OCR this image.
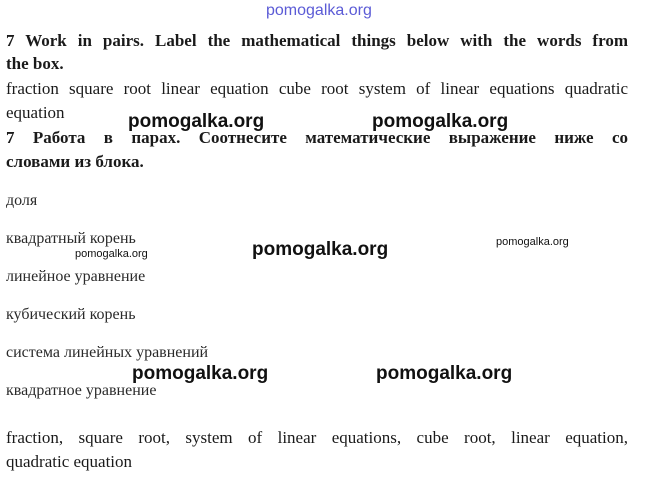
pomogalka.org
7 Work in pairs. Label the mathematical things below with the words from
the box.
fraction square root linear equation cube root system of linear equations quadratic
equation
7 Работа в парах. Соотнесите математические выражение ниже со
словами из блока.
доля
квадратный корень
линейное уравнение
кубический корень
система линейных уравнений
квадратное уравнение
fraction, square root, system of linear equations, cube root, linear equation,
quadratic equation
pomogalka.org	pomogalka.org
pomogalka.org
pomogalka.org	pomogalka.org
pomogalka.org
pomogalka.org
